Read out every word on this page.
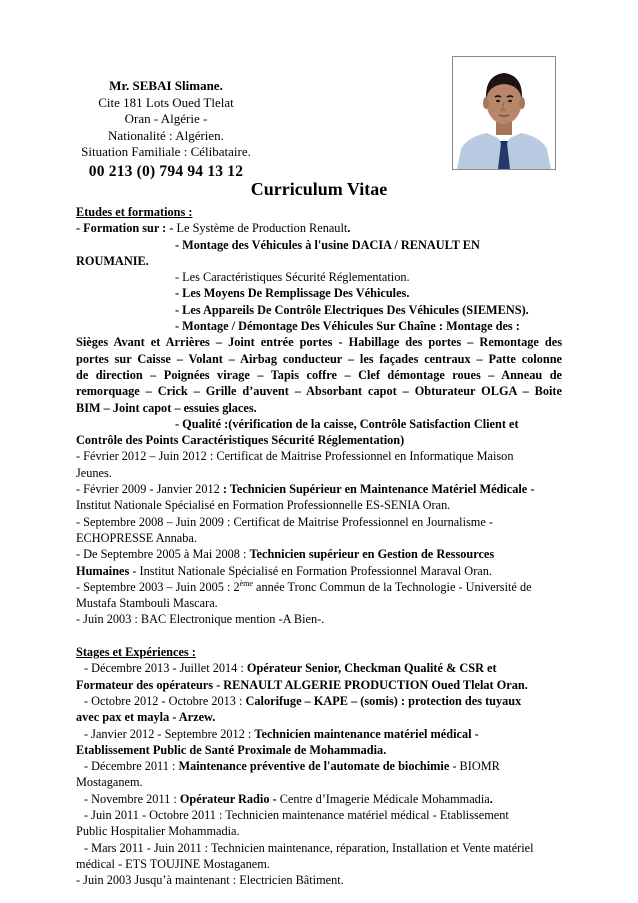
Mr. SEBAI Slimane.
Cite 181 Lots Oued Tlelat
Oran - Algérie -
Nationalité : Algérien.
Situation Familiale : Célibataire.
00 213 (0) 794 94 13 12
Curriculum Vitae
Etudes et formations :
- Formation sur : - Le Système de Production Renault.
- Montage des Véhicules à l'usine DACIA / RENAULT EN
ROUMANIE.
- Les Caractéristiques Sécurité Réglementation.
- Les Moyens De Remplissage Des Véhicules.
- Les Appareils De Contrôle Electriques Des Véhicules (SIEMENS).
- Montage / Démontage Des Véhicules Sur Chaîne : Montage des :
Sièges Avant et Arrières – Joint entrée portes - Habillage des portes – Remontage des
portes sur Caisse – Volant – Airbag conducteur – les façades centraux – Patte colonne
de direction – Poignées virage – Tapis coffre – Clef démontage roues – Anneau de
remorquage – Crick – Grille d’auvent – Absorbant capot – Obturateur OLGA – Boite
BIM – Joint capot – essuies glaces.
- Qualité :(vérification de la caisse, Contrôle Satisfaction Client et
Contrôle des Points Caractéristiques Sécurité Réglementation)
- Février 2012 – Juin 2012 : Certificat de Maitrise Professionnel en Informatique Maison
Jeunes.
- Février 2009 - Janvier 2012 : Technicien Supérieur en Maintenance Matériel Médicale -
Institut Nationale Spécialisé en Formation Professionnelle ES-SENIA Oran.
- Septembre 2008 – Juin 2009 : Certificat de Maitrise Professionnel en Journalisme -
ECHOPRESSE Annaba.
- De Septembre 2005 à Mai 2008 : Technicien supérieur en Gestion de Ressources
Humaines - Institut Nationale Spécialisé en Formation Professionnel Maraval Oran.
- Septembre 2003 – Juin 2005 : 2ème année Tronc Commun de la Technologie - Université de
Mustafa Stambouli Mascara.
- Juin 2003 : BAC Electronique mention -A Bien-.
Stages et Expériences :
- Décembre 2013 - Juillet 2014 : Opérateur Senior, Checkman Qualité & CSR et
Formateur des opérateurs - RENAULT ALGERIE PRODUCTION Oued Tlelat Oran.
- Octobre 2012 - Octobre 2013 : Calorifuge – KAPE – (somis) : protection des tuyaux
avec pax et mayla - Arzew.
- Janvier 2012 - Septembre 2012 : Technicien maintenance matériel médical -
Etablissement Public de Santé Proximale de Mohammadia.
- Décembre 2011 : Maintenance préventive de l'automate de biochimie - BIOMR
Mostaganem.
- Novembre 2011 : Opérateur Radio - Centre d’Imagerie Médicale Mohammadia.
- Juin 2011 - Octobre 2011 : Technicien maintenance matériel médical - Etablissement
Public Hospitalier Mohammadia.
- Mars 2011 - Juin 2011 : Technicien maintenance, réparation, Installation et Vente matériel
médical - ETS TOUJINE Mostaganem.
- Juin 2003 Jusqu’à maintenant : Electricien Bâtiment.
